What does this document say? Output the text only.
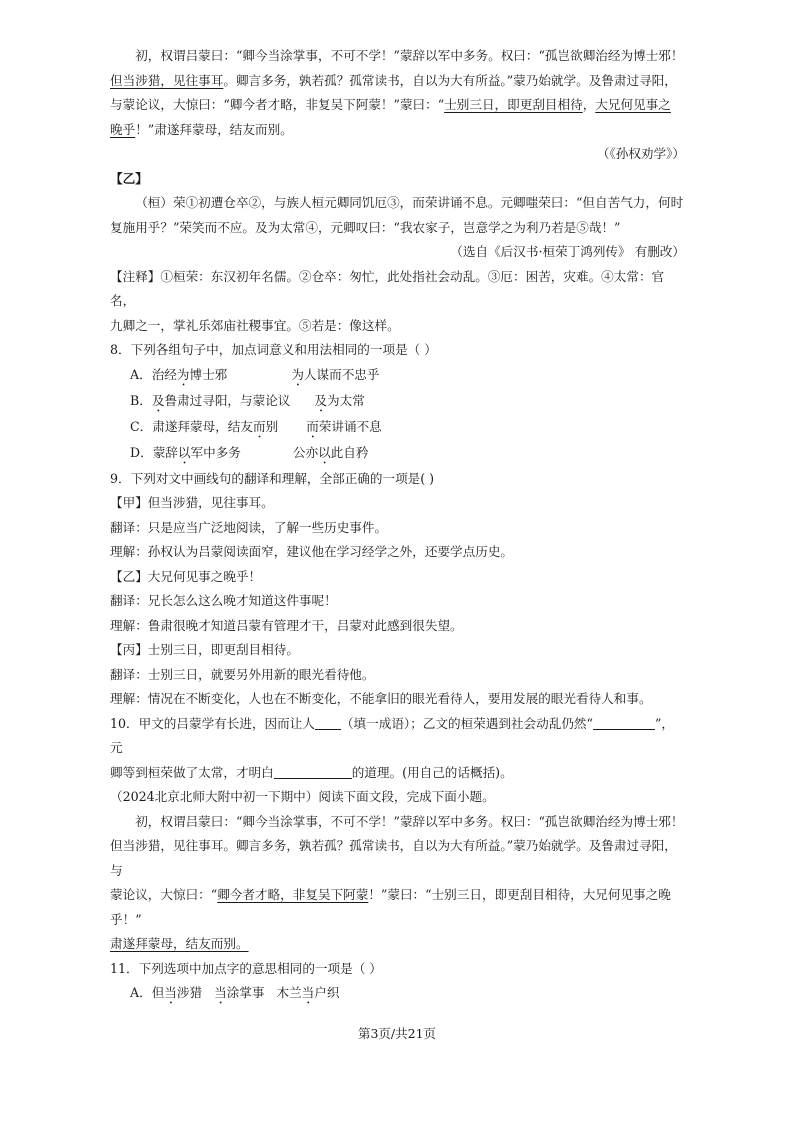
初，权谓吕蒙曰：“卿今当涂掌事，不可不学！”蒙辞以军中多务。权曰：“孤岂欲卿治经为博士邪！

但当涉猎，见往事耳。卿言多务，孰若孤？孤常读书，自以为大有所益。”蒙乃始就学。及鲁肃过寻阳，

与蒙论议，大惊曰：“卿今者才略，非复吴下阿蒙！”蒙曰：“士别三日，即更刮目相待，大兄何见事之

晚乎！”肃遂拜蒙母，结友而别。

（《孙权劝学》）

【乙】

（桓）荣①初遭仓卒②，与族人桓元卿同饥厄③，而荣讲诵不息。元卿嗤荣曰：“但自苦气力，何时

复施用乎？”荣笑而不应。及为太常④，元卿叹曰：“我农家子，岂意学之为利乃若是⑤哉！”

（选自《后汉书·桓荣丁鸿列传》 有删改）

【注释】①桓荣：东汉初年名儒。②仓卒：匆忙，此处指社会动乱。③厄：困苦，灾难。④太常：官名，

九卿之一，掌礼乐郊庙社稷事宜。⑤若是：像这样。

8．下列各组句子中，加点词意义和用法相同的一项是（ ）

A．治经为博士邪	为人谋而不忠乎

B．及鲁肃过寻阳，与蒙论议 及为太常

C．肃遂拜蒙母，结友而别 而荣讲诵不息

D．蒙辞以军中多务	公亦以此自矜

9．下列对文中画线句的翻译和理解，全部正确的一项是( )

【甲】但当涉猎，见往事耳。

翻译：只是应当广泛地阅读，了解一些历史事件。

理解：孙权认为吕蒙阅读面窄，建议他在学习经学之外，还要学点历史。

【乙】大兄何见事之晚乎！

翻译：兄长怎么这么晚才知道这件事呢！

理解：鲁肃很晚才知道吕蒙有管理才干，吕蒙对此感到很失望。

【丙】士别三日，即更刮目相待。

翻译：士别三日，就要另外用新的眼光看待他。

理解：情况在不断变化，人也在不断变化，不能拿旧的眼光看待人，要用发展的眼光看待人和事。

10．甲文的吕蒙学有长进，因而让人 （填一成语）；乙文的桓荣遇到社会动乱仍然“	”，元

卿等到桓荣做了太常，才明白	的道理。(用自己的话概括)。

（2024北京北师大附中初一下期中）阅读下面文段，完成下面小题。

初，权谓吕蒙曰：“卿今当涂掌事，不可不学！”蒙辞以军中多务。权曰：“孤岂欲卿治经为博士邪！

但当涉猎，见往事耳。卿言多务，孰若孤？孤常读书，自以为大有所益。”蒙乃始就学。及鲁肃过寻阳，与

蒙论议，大惊曰：“卿今者才略，非复吴下阿蒙！”蒙曰：“士别三日，即更刮目相待，大兄何见事之晚乎！”

肃遂拜蒙母，结友而别。

11．下列选项中加点字的意思相同的一项是（ ）

A．但当涉猎 当涂掌事 木兰当户织

第3页/共21页
